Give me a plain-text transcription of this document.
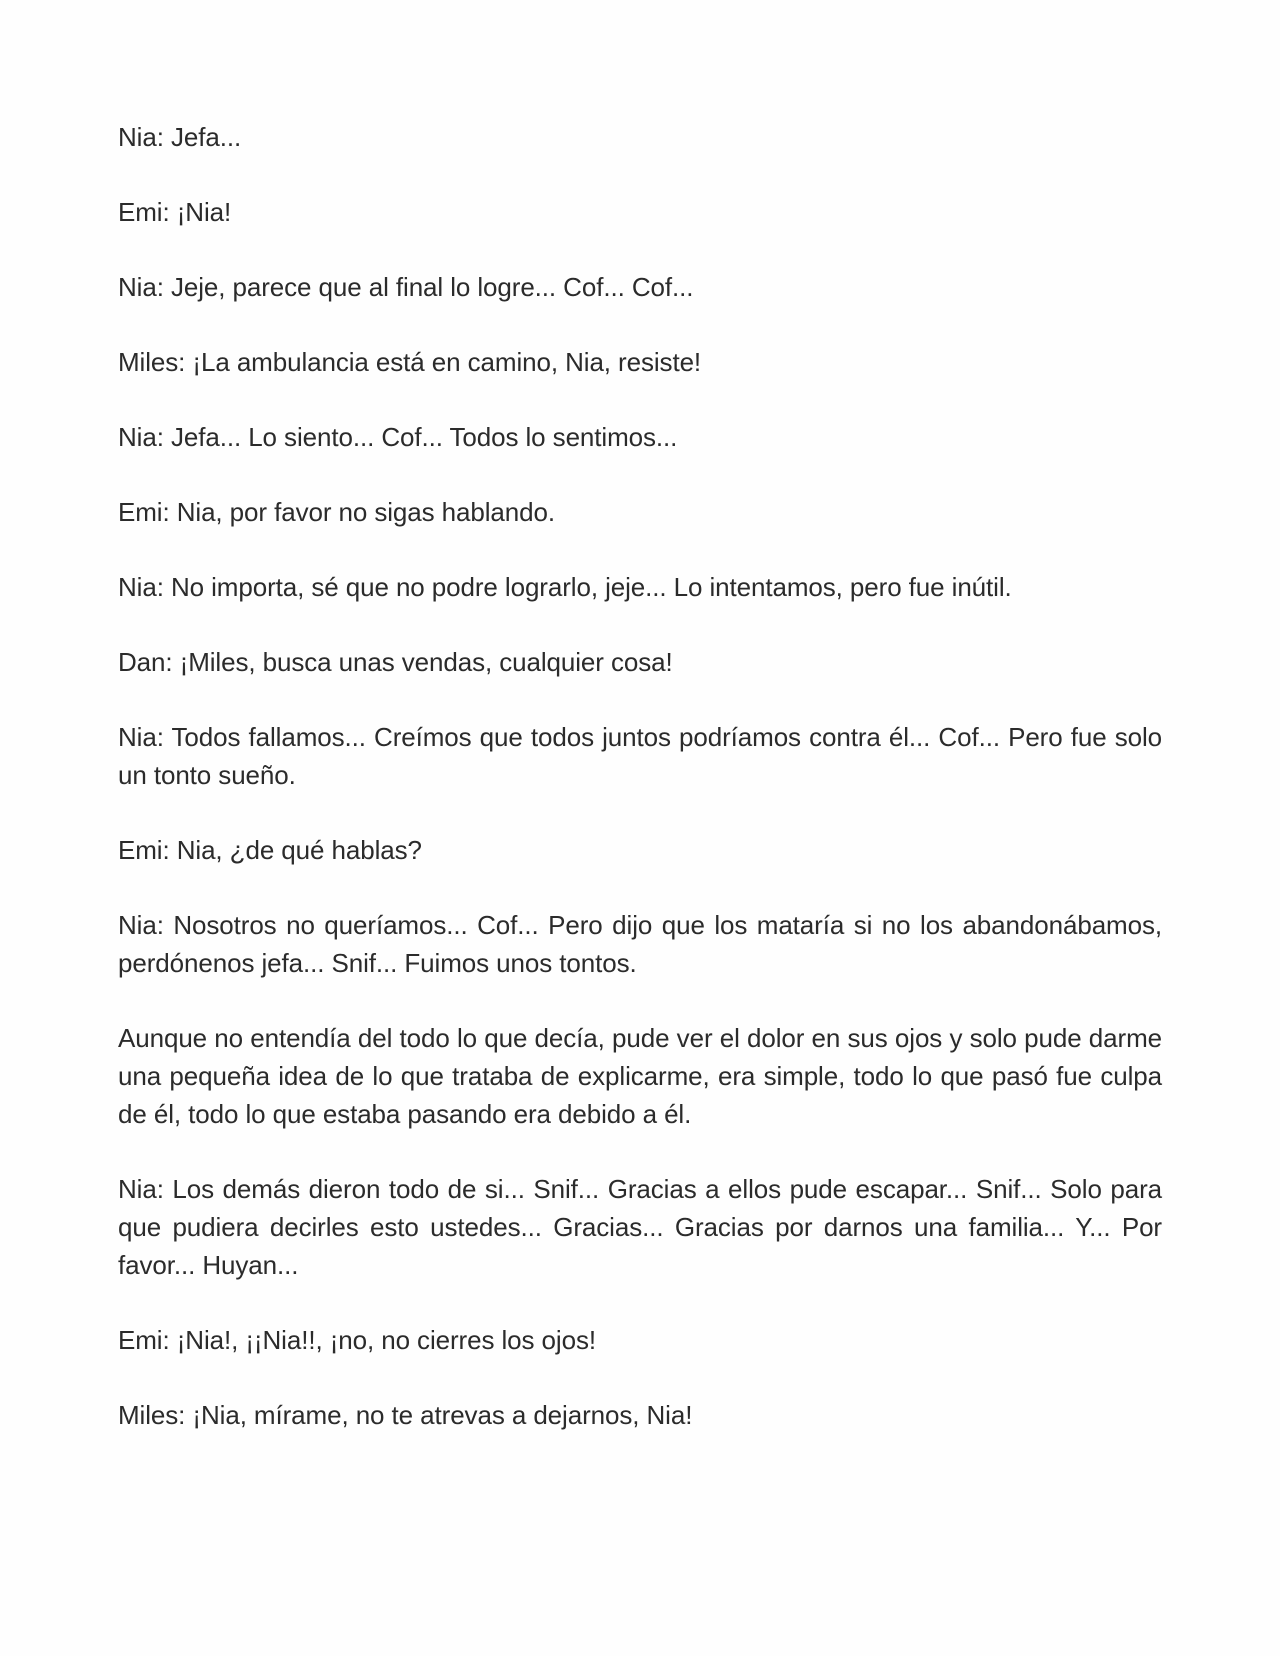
Nia: Jefa...

Emi: ¡Nia!

Nia: Jeje, parece que al final lo logre... Cof... Cof...

Miles: ¡La ambulancia está en camino, Nia, resiste!

Nia: Jefa... Lo siento... Cof... Todos lo sentimos...

Emi: Nia, por favor no sigas hablando.

Nia: No importa, sé que no podre lograrlo, jeje... Lo intentamos, pero fue inútil.

Dan: ¡Miles, busca unas vendas, cualquier cosa!

Nia: Todos fallamos... Creímos que todos juntos podríamos contra él... Cof... Pero fue solo un tonto sueño.

Emi: Nia, ¿de qué hablas?

Nia: Nosotros no queríamos... Cof... Pero dijo que los mataría si no los abandonábamos, perdónenos jefa... Snif... Fuimos unos tontos.

Aunque no entendía del todo lo que decía, pude ver el dolor en sus ojos y solo pude darme una pequeña idea de lo que trataba de explicarme, era simple, todo lo que pasó fue culpa de él, todo lo que estaba pasando era debido a él.

Nia: Los demás dieron todo de si... Snif... Gracias a ellos pude escapar... Snif... Solo para que pudiera decirles esto ustedes... Gracias... Gracias por darnos una familia... Y... Por favor... Huyan...

Emi: ¡Nia!, ¡¡Nia!!, ¡no, no cierres los ojos!

Miles: ¡Nia, mírame, no te atrevas a dejarnos, Nia!
